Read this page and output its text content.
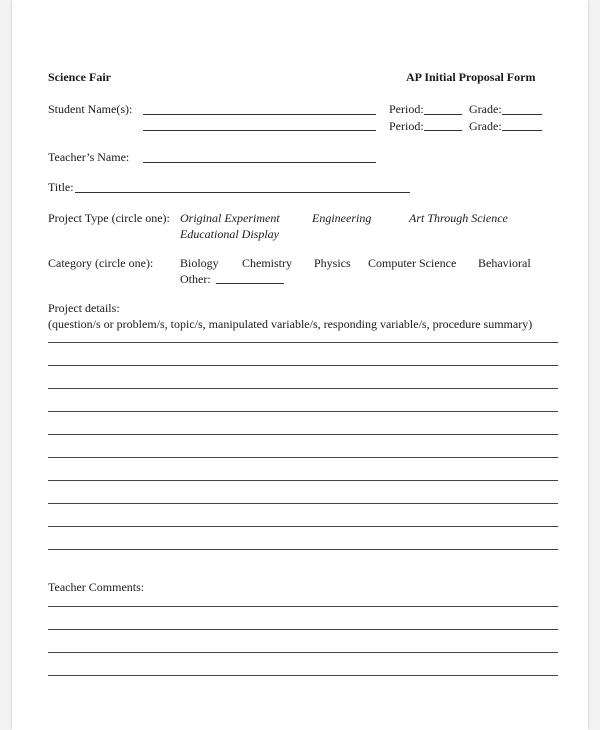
Science Fair	AP Initial Proposal Form
Student Name(s):	Period:	Grade:
Period:	Grade:
Teacher’s Name:
Title:
Project Type (circle one): Original Experiment	Engineering	Art Through Science
Educational Display
Category (circle one): Biology Chemistry Physics Computer Science Behavioral
Other:
Project details:
(question/s or problem/s, topic/s, manipulated variable/s, responding variable/s, procedure summary)
Teacher Comments:
